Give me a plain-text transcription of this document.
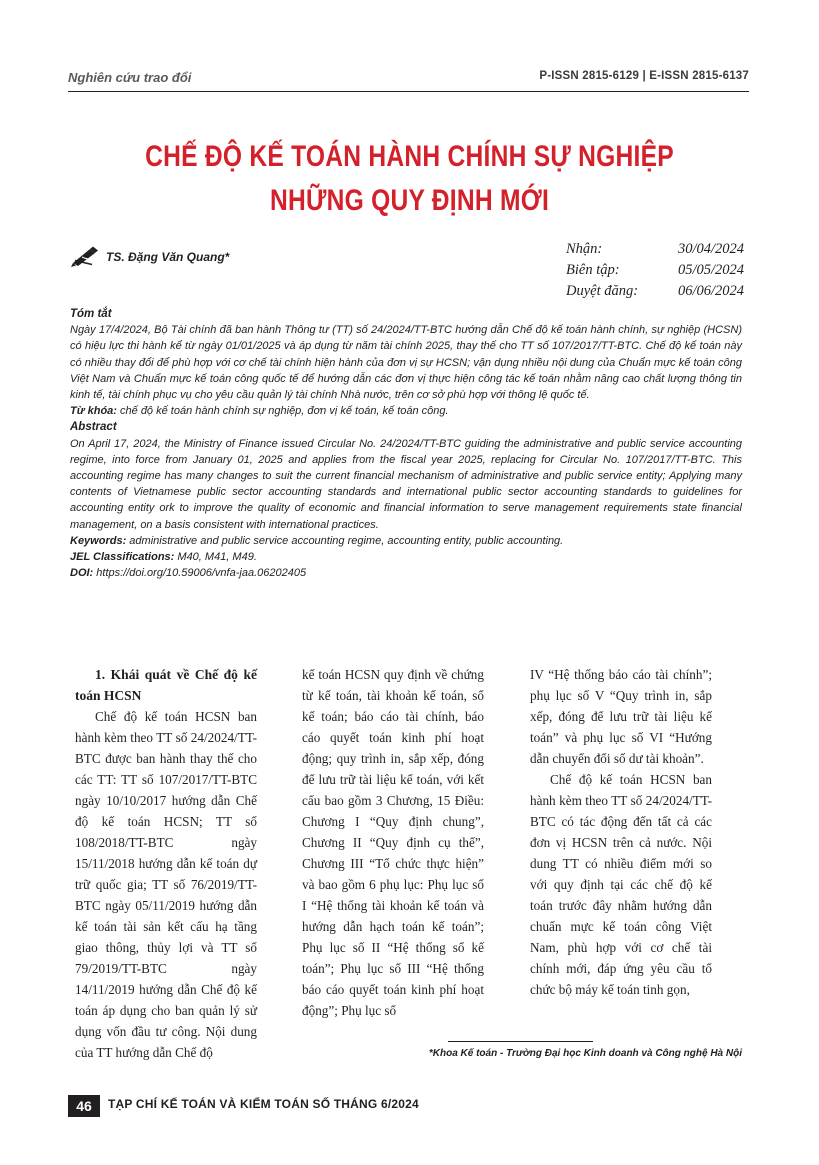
Nghiên cứu trao đổi	P-ISSN 2815-6129 | E-ISSN 2815-6137
CHẾ ĐỘ KẾ TOÁN HÀNH CHÍNH SỰ NGHIỆP
NHỮNG QUY ĐỊNH MỚI
TS. Đặng Văn Quang*	Nhận:	30/04/2024
Biên tập:	05/05/2024
Duyệt đăng:	06/06/2024

Tóm tắt

Ngày 17/4/2024, Bộ Tài chính đã ban hành Thông tư (TT) số 24/2024/TT-BTC hướng dẫn Chế độ kế toán hành chính, sự nghiệp (HCSN) có hiệu lực thi hành kể từ ngày 01/01/2025 và áp dụng từ năm tài chính 2025, thay thế cho TT số 107/2017/TT-BTC. Chế độ kế toán này có nhiều thay đổi để phù hợp với cơ chế tài chính hiện hành của đơn vị sự HCSN; vận dụng nhiều nội dung của Chuẩn mực kế toán công Việt Nam và Chuẩn mực kế toán công quốc tế để hướng dẫn các đơn vị thực hiện công tác kế toán nhằm nâng cao chất lượng thông tin kinh tế, tài chính phục vụ cho yêu cầu quản lý tài chính Nhà nước, trên cơ sở phù hợp với thông lệ quốc tế.

Từ khóa: chế độ kế toán hành chính sự nghiệp, đơn vị kế toán, kế toán công.

Abstract

On April 17, 2024, the Ministry of Finance issued Circular No. 24/2024/TT-BTC guiding the administrative and public service accounting regime, into force from January 01, 2025 and applies from the fiscal year 2025, replacing for Circular No. 107/2017/TT-BTC. This accounting regime has many changes to suit the current financial mechanism of administrative and public service entity; Applying many contents of Vietnamese public sector accounting standards and international public sector accounting standards to guidelines for accounting entity ork to improve the quality of economic and financial information to serve management requirements state financial management, on a basis consistent with international practices.

Keywords: administrative and public service accounting regime, accounting entity, public accounting.

JEL Classifications: M40, M41, M49.

DOI: https://doi.org/10.59006/vnfa-jaa.06202405

1. Khái quát về Chế độ kế toán HCSN

Chế độ kế toán HCSN ban hành kèm theo TT số 24/2024/TT-BTC được ban hành thay thế cho các TT: TT số 107/2017/TT-BTC ngày 10/10/2017 hướng dẫn Chế độ kế toán HCSN; TT số 108/2018/TT-BTC ngày 15/11/2018 hướng dẫn kế toán dự trữ quốc gia; TT số 76/2019/TT-BTC ngày 05/11/2019 hướng dẫn kế toán tài sản kết cấu hạ tầng giao thông, thủy lợi và TT số 79/2019/TT-BTC ngày 14/11/2019 hướng dẫn Chế độ kế toán áp dụng cho ban quản lý sử dụng vốn đầu tư công. Nội dung của TT hướng dẫn Chế độ

kế toán HCSN quy định về chứng từ kế toán, tài khoản kế toán, sổ kế toán; báo cáo tài chính, báo cáo quyết toán kinh phí hoạt động; quy trình in, sắp xếp, đóng để lưu trữ tài liệu kế toán, với kết cấu bao gồm 3 Chương, 15 Điều: Chương I “Quy định chung”, Chương II “Quy định cụ thể”, Chương III “Tổ chức thực hiện” và bao gồm 6 phụ lục: Phụ lục số I “Hệ thống tài khoản kế toán và hướng dẫn hạch toán kế toán”; Phụ lục số II “Hệ thống sổ kế toán”; Phụ lục số III “Hệ thống báo cáo quyết toán kinh phí hoạt động”; Phụ lục số

IV “Hệ thống báo cáo tài chính”; phụ lục số V “Quy trình in, sắp xếp, đóng để lưu trữ tài liệu kế toán” và phụ lục số VI “Hướng dẫn chuyển đổi số dư tài khoản”.

Chế độ kế toán HCSN ban hành kèm theo TT số 24/2024/TT-BTC có tác động đến tất cả các đơn vị HCSN trên cả nước. Nội dung TT có nhiều điểm mới so với quy định tại các chế độ kế toán trước đây nhằm hướng dẫn chuẩn mực kế toán công Việt Nam, phù hợp với cơ chế tài chính mới, đáp ứng yêu cầu tổ chức bộ máy kế toán tinh gọn,

*Khoa Kế toán - Trường Đại học Kinh doanh và Công nghệ Hà Nội
46	TẠP CHÍ KẾ TOÁN VÀ KIỂM TOÁN SỐ THÁNG 6/2024
